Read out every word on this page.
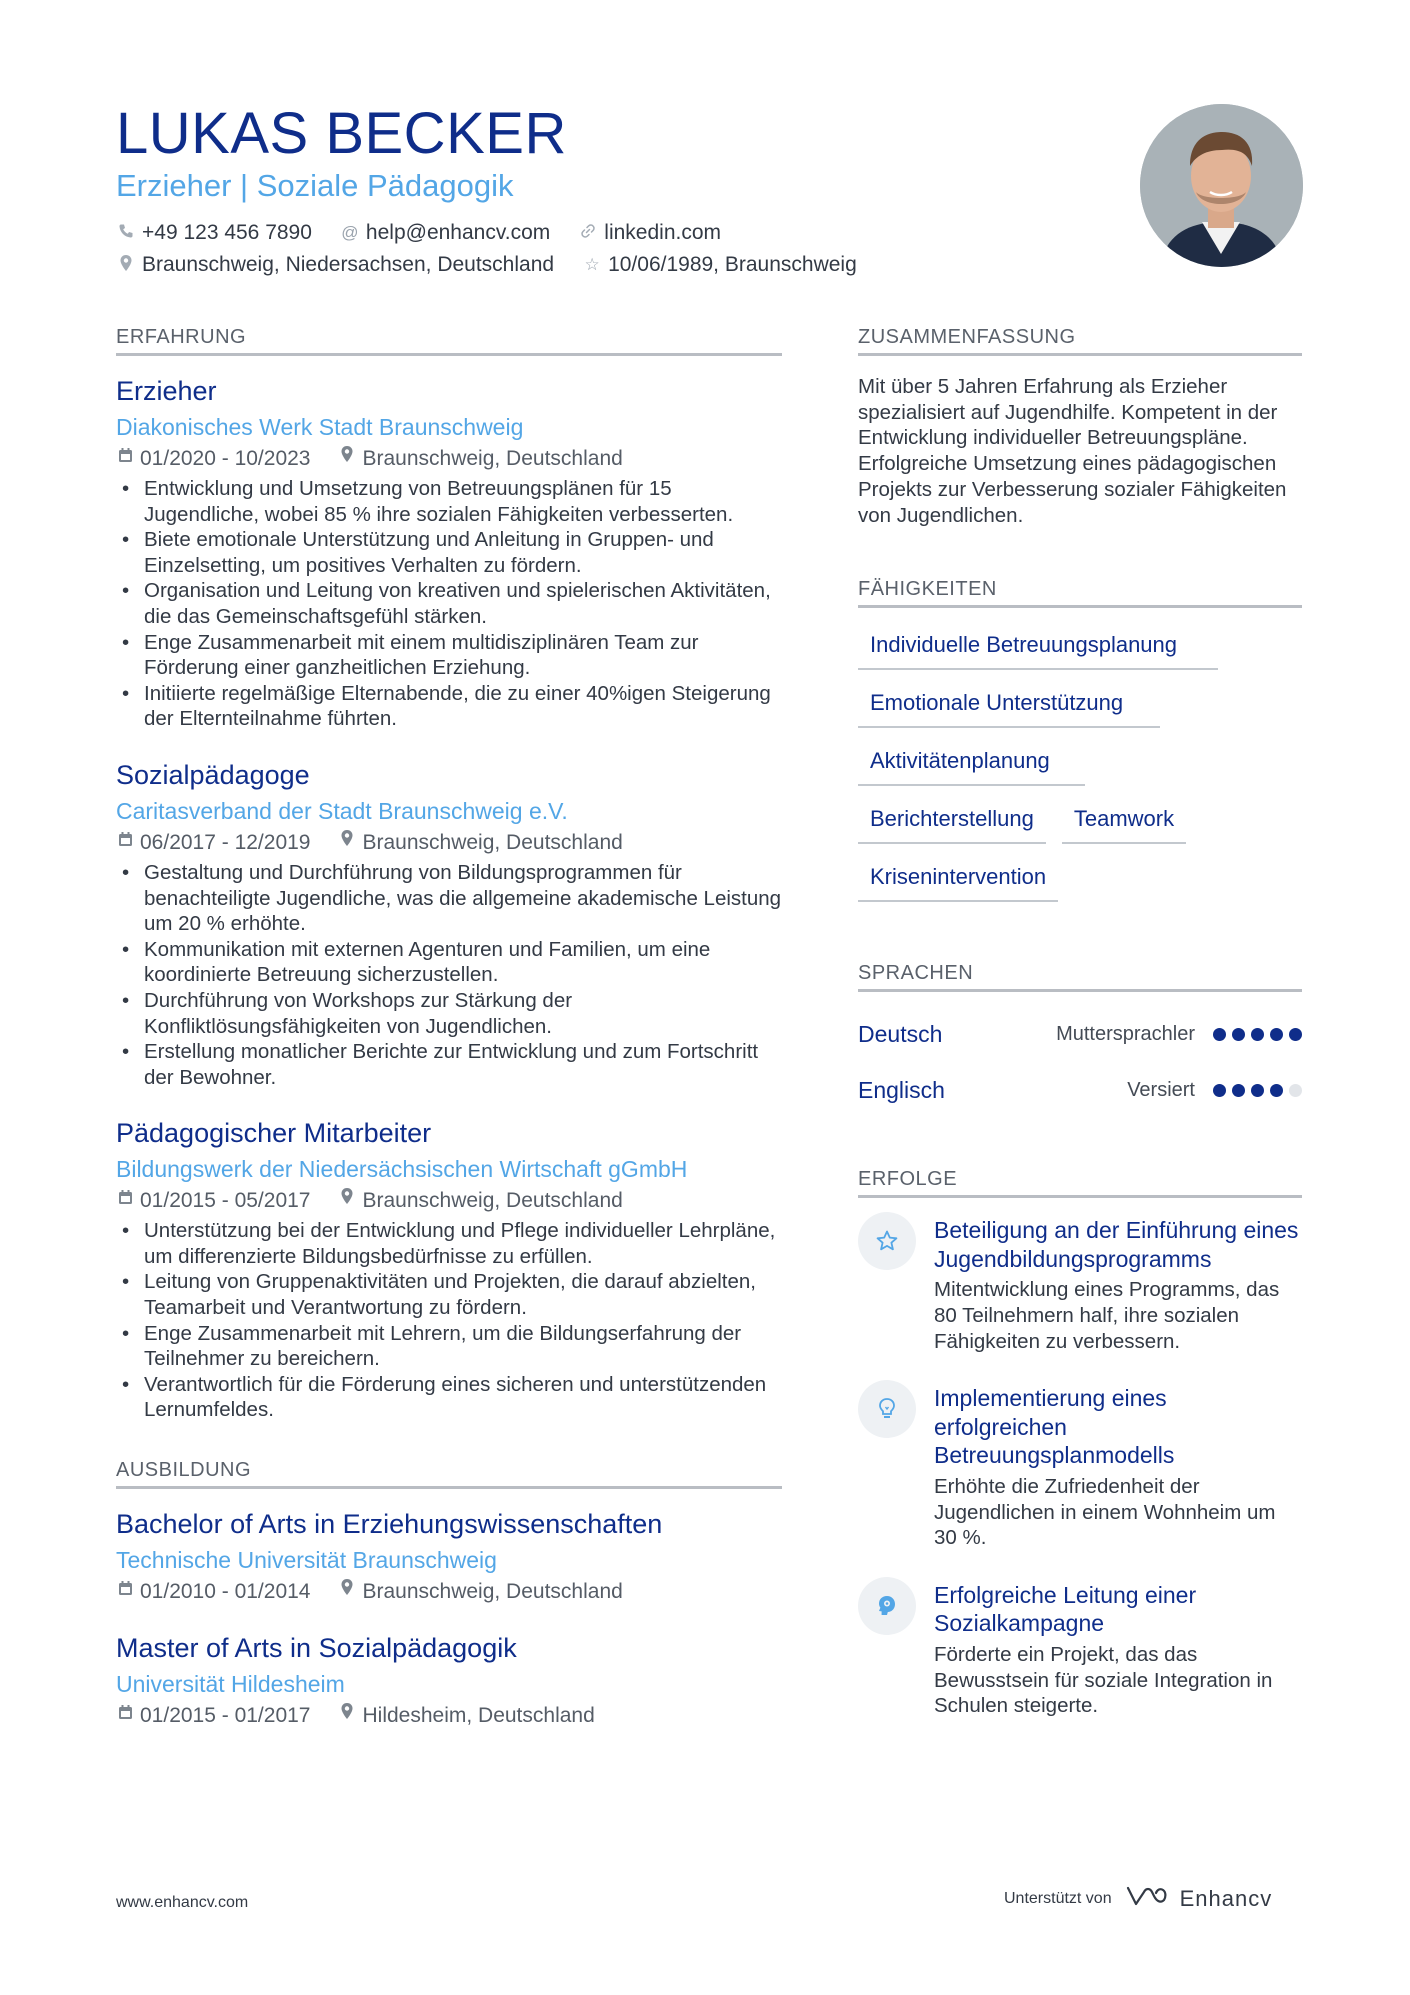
LUKAS BECKER
Erzieher | Soziale Pädagogik
+49 123 456 7890 @ help@enhancv.com	linkedin.com
Braunschweig, Niedersachsen, Deutschland ☆ 10/06/1989, Braunschweig
ERFAHRUNG
Erzieher
Diakonisches Werk Stadt Braunschweig
01/2020 - 10/2023 Braunschweig, Deutschland
• Entwicklung und Umsetzung von Betreuungsplänen für 15 Jugendliche, wobei 85 % ihre sozialen Fähigkeiten verbesserten.
• Biete emotionale Unterstützung und Anleitung in Gruppen- und Einzelsetting, um positives Verhalten zu fördern.
• Organisation und Leitung von kreativen und spielerischen Aktivitäten, die das Gemeinschaftsgefühl stärken.
• Enge Zusammenarbeit mit einem multidisziplinären Team zur Förderung einer ganzheitlichen Erziehung.
• Initiierte regelmäßige Elternabende, die zu einer 40%igen Steigerung der Elternteilnahme führten.
Sozialpädagoge
Caritasverband der Stadt Braunschweig e.V.
06/2017 - 12/2019 Braunschweig, Deutschland
• Gestaltung und Durchführung von Bildungsprogrammen für benachteiligte Jugendliche, was die allgemeine akademische Leistung um 20 % erhöhte.
• Kommunikation mit externen Agenturen und Familien, um eine koordinierte Betreuung sicherzustellen.
• Durchführung von Workshops zur Stärkung der Konfliktlösungsfähigkeiten von Jugendlichen.
• Erstellung monatlicher Berichte zur Entwicklung und zum Fortschritt der Bewohner.
Pädagogischer Mitarbeiter
Bildungswerk der Niedersächsischen Wirtschaft gGmbH
01/2015 - 05/2017 Braunschweig, Deutschland
• Unterstützung bei der Entwicklung und Pflege individueller Lehrpläne, um differenzierte Bildungsbedürfnisse zu erfüllen.
• Leitung von Gruppenaktivitäten und Projekten, die darauf abzielten, Teamarbeit und Verantwortung zu fördern.
• Enge Zusammenarbeit mit Lehrern, um die Bildungserfahrung der Teilnehmer zu bereichern.
• Verantwortlich für die Förderung eines sicheren und unterstützenden Lernumfeldes.
AUSBILDUNG
Bachelor of Arts in Erziehungswissenschaften
Technische Universität Braunschweig
01/2010 - 01/2014 Braunschweig, Deutschland
Master of Arts in Sozialpädagogik
Universität Hildesheim
01/2015 - 01/2017 Hildesheim, Deutschland
ZUSAMMENFASSUNG
Mit über 5 Jahren Erfahrung als Erzieher spezialisiert auf Jugendhilfe. Kompetent in der Entwicklung individueller Betreuungspläne. Erfolgreiche Umsetzung eines pädagogischen Projekts zur Verbesserung sozialer Fähigkeiten von Jugendlichen.
FÄHIGKEITEN
Individuelle Betreuungsplanung
Emotionale Unterstützung
Aktivitätenplanung
Berichterstellung	Teamwork
Krisenintervention
SPRACHEN
Deutsch	Muttersprachler
Englisch	Versiert
ERFOLGE
Beteiligung an der Einführung eines Jugendbildungsprogramms
Mitentwicklung eines Programms, das 80 Teilnehmern half, ihre sozialen Fähigkeiten zu verbessern.
Implementierung eines erfolgreichen Betreuungsplanmodells
Erhöhte die Zufriedenheit der Jugendlichen in einem Wohnheim um 30 %.
Erfolgreiche Leitung einer Sozialkampagne
Förderte ein Projekt, das das Bewusstsein für soziale Integration in Schulen steigerte.
www.enhancv.com	Unterstützt von	Enhancv
